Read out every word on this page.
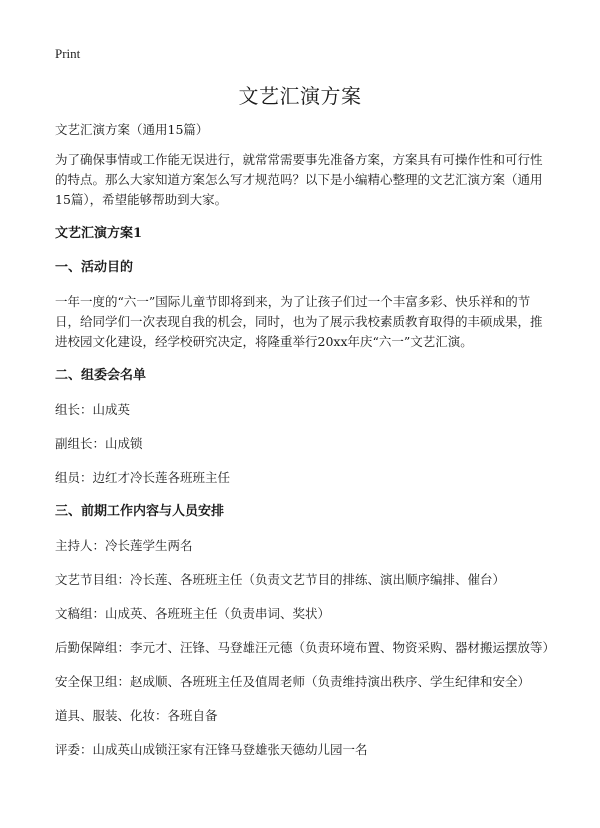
Print
文艺汇演方案

文艺汇演方案（通用15篇）

为了确保事情或工作能无误进行，就常常需要事先准备方案，方案具有可操作性和可行性的特点。那么大家知道方案怎么写才规范吗？以下是小编精心整理的文艺汇演方案（通用15篇），希望能够帮助到大家。

文艺汇演方案1
一、活动目的

一年一度的“六一”国际儿童节即将到来，为了让孩子们过一个丰富多彩、快乐祥和的节日，给同学们一次表现自我的机会，同时，也为了展示我校素质教育取得的丰硕成果，推进校园文化建设，经学校研究决定，将隆重举行20xx年庆“六一”文艺汇演。

二、组委会名单

组长：山成英

副组长：山成锁

组员：边红才冷长莲各班班主任

三、前期工作内容与人员安排

主持人：冷长莲学生两名

文艺节目组：冷长莲、各班班主任（负责文艺节目的排练、演出顺序编排、催台）

文稿组：山成英、各班班主任（负责串词、奖状）

后勤保障组：李元才、汪锋、马登雄汪元德（负责环境布置、物资采购、器材搬运摆放等）

安全保卫组：赵成顺、各班班主任及值周老师（负责维持演出秩序、学生纪律和安全）

道具、服装、化妆：各班自备

评委：山成英山成锁汪家有汪锋马登雄张天德幼儿园一名
